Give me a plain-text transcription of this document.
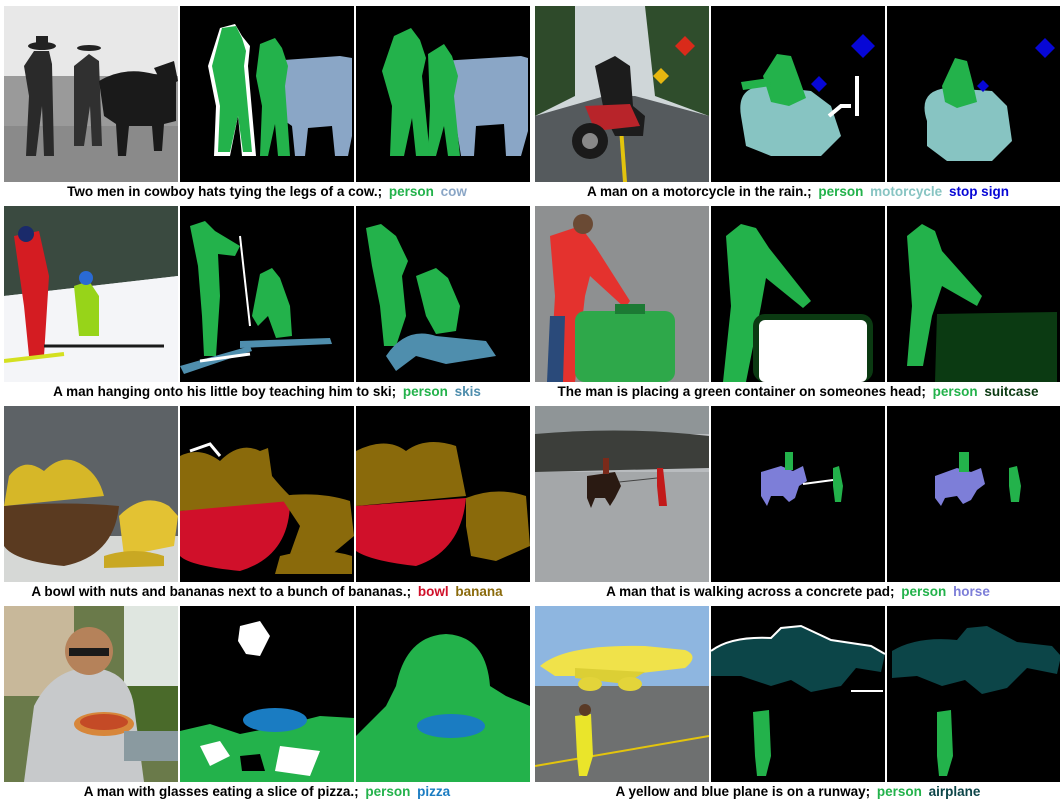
Two men in cowboy hats tying the legs of a cow.; person cow	A man on a motorcycle in the rain.; person motorcycle stop sign
A man hanging onto his little boy teaching him to ski; person skis	The man is placing a green container on someones head; person suitcase
A bowl with nuts and bananas next to a bunch of bananas.; bowl banana	A man that is walking across a concrete pad; person horse
A man with glasses eating a slice of pizza.; person pizza	A yellow and blue plane is on a runway; person airplane
